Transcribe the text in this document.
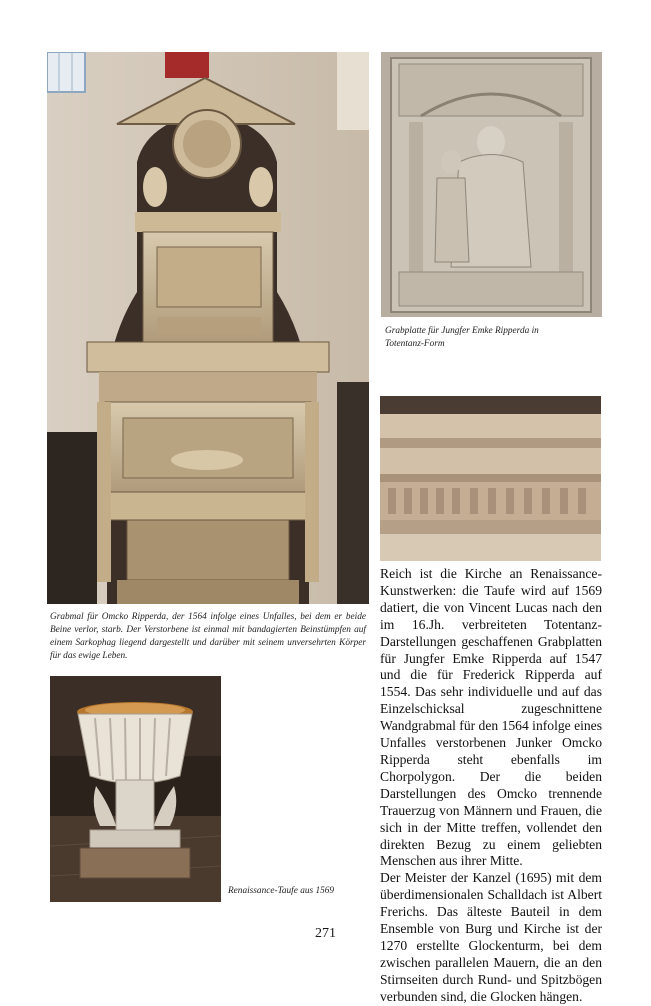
Grabmal für Omcko Ripperda, der 1564 infolge eines Unfalles, bei dem er beide Beine verlor, starb. Der Verstorbene ist einmal mit bandagierten Beinstümpfen auf einem Sarkophag liegend dargestellt und darüber mit seinem unversehrten Körper für das ewige Leben.
Grabplatte für Jungfer Emke Ripperda in Totentanz-Form
Renaissance-Taufe aus 1569

Reich ist die Kirche an Renaissance-Kunstwerken: die Taufe wird auf 1569 datiert, die von Vincent Lucas nach den im 16.Jh. verbreiteten Totentanz-Darstellungen geschaffenen Grabplatten für Jungfer Emke Ripperda auf 1547 und die für Frederick Ripperda auf 1554. Das sehr individuelle und auf das Einzelschicksal zugeschnittene Wandgrabmal für den 1564 infolge eines Unfalles verstorbenen Junker Omcko Ripperda steht ebenfalls im Chorpolygon. Der die beiden Darstellungen des Omcko trennende Trauerzug von Männern und Frauen, die sich in der Mitte treffen, vollendet den direkten Bezug zu einem geliebten Menschen aus ihrer Mitte.

Der Meister der Kanzel (1695) mit dem überdimensionalen Schalldach ist Albert Frerichs. Das älteste Bauteil in dem Ensemble von Burg und Kirche ist der 1270 erstellte Glockenturm, bei dem zwischen parallelen Mauern, die an den Stirnseiten durch Rund- und Spitzbögen verbunden sind, die Glocken hängen.

271
